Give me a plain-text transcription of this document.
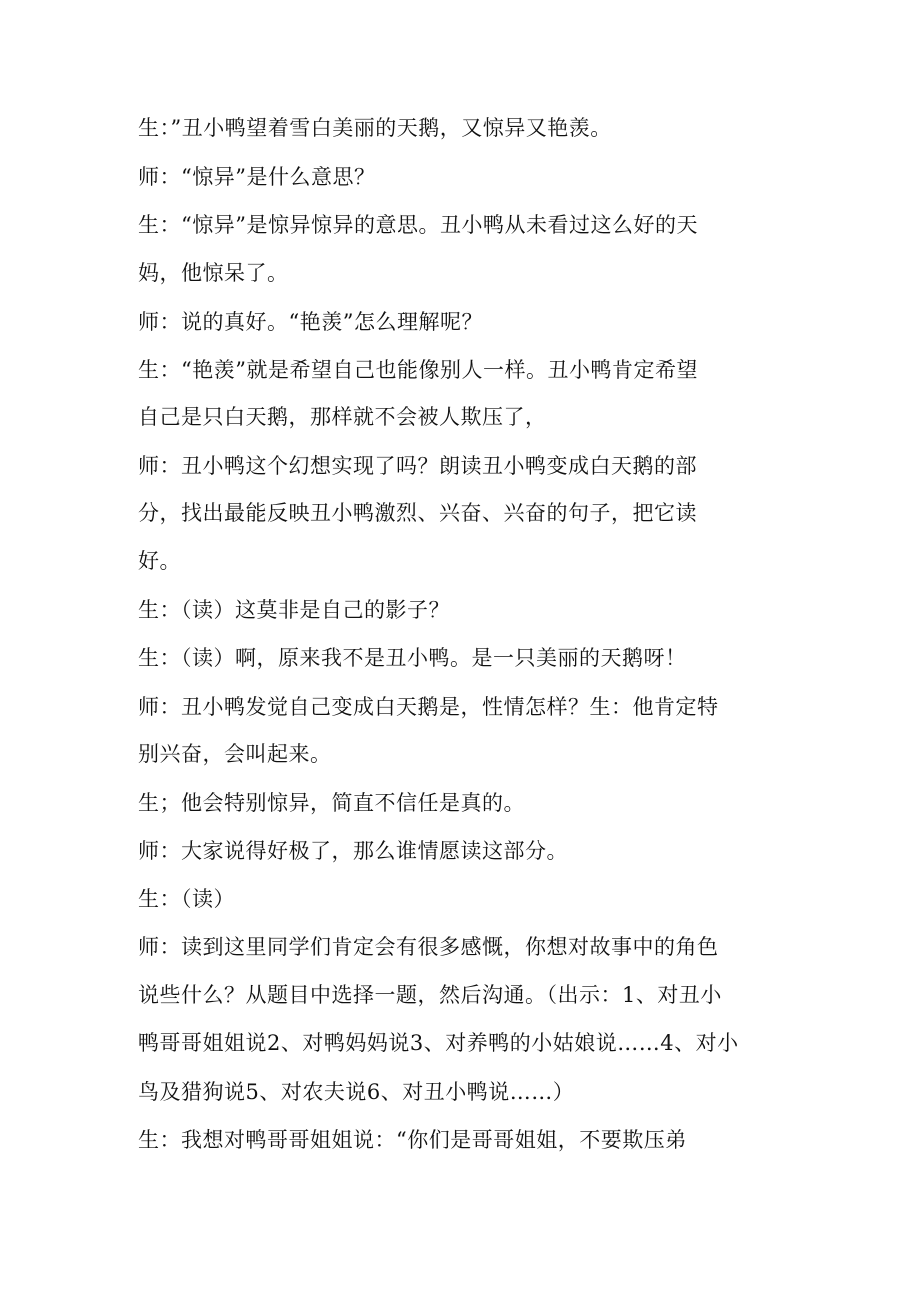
生：”丑小鸭望着雪白美丽的天鹅，又惊异又艳羡。
师：“惊异”是什么意思？
生：“惊异”是惊异惊异的意思。丑小鸭从未看过这么好的天
妈，他惊呆了。
师：说的真好。“艳羡”怎么理解呢？
生：“艳羡”就是希望自己也能像别人一样。丑小鸭肯定希望
自己是只白天鹅，那样就不会被人欺压了，
师：丑小鸭这个幻想实现了吗？朗读丑小鸭变成白天鹅的部
分，找出最能反映丑小鸭激烈、兴奋、兴奋的句子，把它读
好。
生：（读）这莫非是自己的影子？
生：（读）啊，原来我不是丑小鸭。是一只美丽的天鹅呀！
师：丑小鸭发觉自己变成白天鹅是，性情怎样？生：他肯定特
别兴奋，会叫起来。
生；他会特别惊异，简直不信任是真的。
师：大家说得好极了，那么谁情愿读这部分。
生：（读）
师：读到这里同学们肯定会有很多感慨，你想对故事中的角色
说些什么？从题目中选择一题，然后沟通。（出示：1、对丑小
鸭哥哥姐姐说2、对鸭妈妈说3、对养鸭的小姑娘说……4、对小
鸟及猎狗说5、对农夫说6、对丑小鸭说……）
生：我想对鸭哥哥姐姐说：“你们是哥哥姐姐，不要欺压弟
